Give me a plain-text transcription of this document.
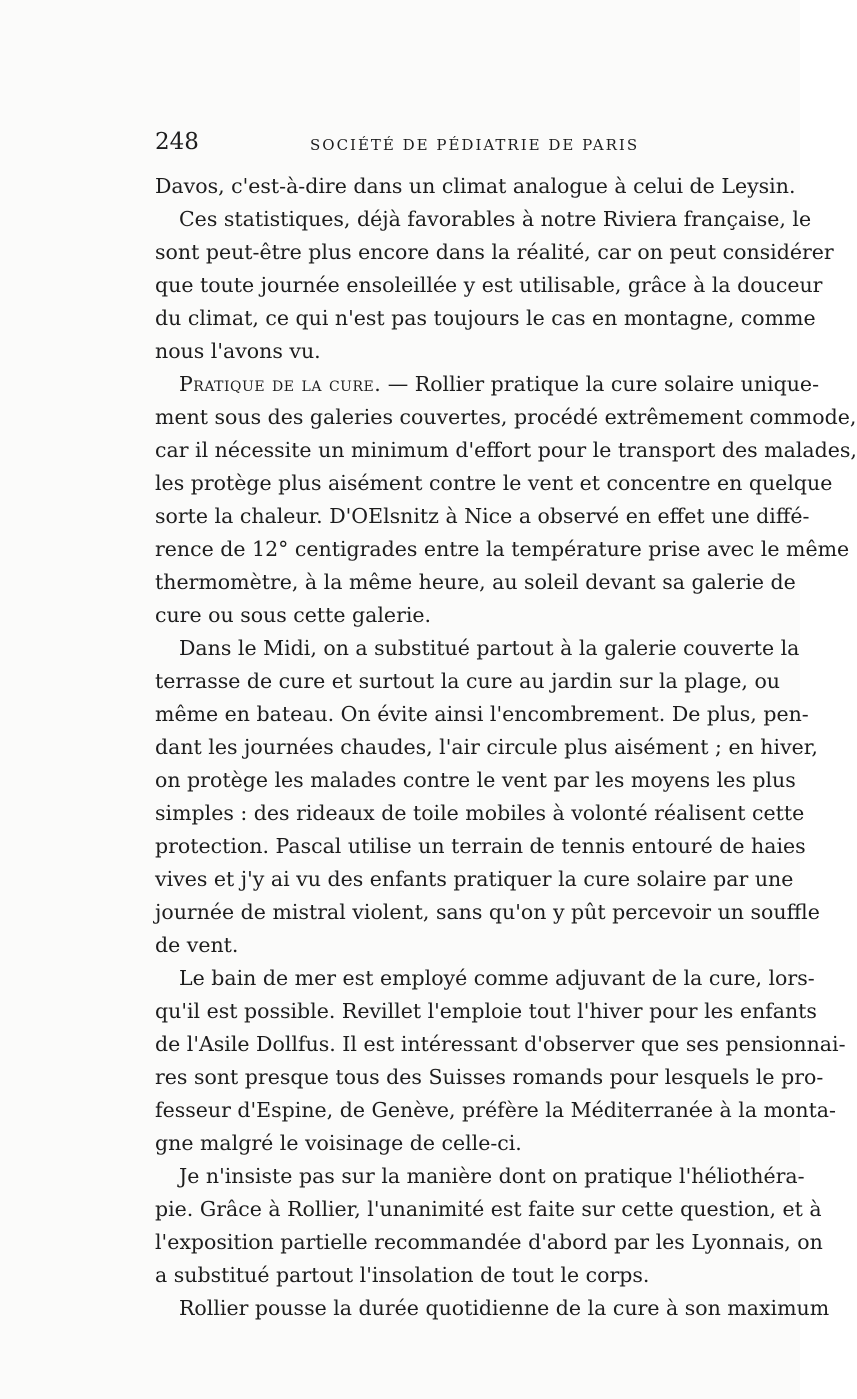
248	SOCIÉTÉ DE PÉDIATRIE DE PARIS
Davos, c'est-à-dire dans un climat analogue à celui de Leysin.
Ces statistiques, déjà favorables à notre Riviera française, le
sont peut-être plus encore dans la réalité, car on peut considérer
que toute journée ensoleillée y est utilisable, grâce à la douceur
du climat, ce qui n'est pas toujours le cas en montagne, comme
nous l'avons vu.
Pratique de la cure. — Rollier pratique la cure solaire unique-
ment sous des galeries couvertes, procédé extrêmement commode,
car il nécessite un minimum d'effort pour le transport des malades,
les protège plus aisément contre le vent et concentre en quelque
sorte la chaleur. D'OElsnitz à Nice a observé en effet une diffé-
rence de 12° centigrades entre la température prise avec le même
thermomètre, à la même heure, au soleil devant sa galerie de
cure ou sous cette galerie.
Dans le Midi, on a substitué partout à la galerie couverte la
terrasse de cure et surtout la cure au jardin sur la plage, ou
même en bateau. On évite ainsi l'encombrement. De plus, pen-
dant les journées chaudes, l'air circule plus aisément ; en hiver,
on protège les malades contre le vent par les moyens les plus
simples : des rideaux de toile mobiles à volonté réalisent cette
protection. Pascal utilise un terrain de tennis entouré de haies
vives et j'y ai vu des enfants pratiquer la cure solaire par une
journée de mistral violent, sans qu'on y pût percevoir un souffle
de vent.
Le bain de mer est employé comme adjuvant de la cure, lors-
qu'il est possible. Revillet l'emploie tout l'hiver pour les enfants
de l'Asile Dollfus. Il est intéressant d'observer que ses pensionnai-
res sont presque tous des Suisses romands pour lesquels le pro-
fesseur d'Espine, de Genève, préfère la Méditerranée à la monta-
gne malgré le voisinage de celle-ci.
Je n'insiste pas sur la manière dont on pratique l'héliothéra-
pie. Grâce à Rollier, l'unanimité est faite sur cette question, et à
l'exposition partielle recommandée d'abord par les Lyonnais, on
a substitué partout l'insolation de tout le corps.
Rollier pousse la durée quotidienne de la cure à son maximum
